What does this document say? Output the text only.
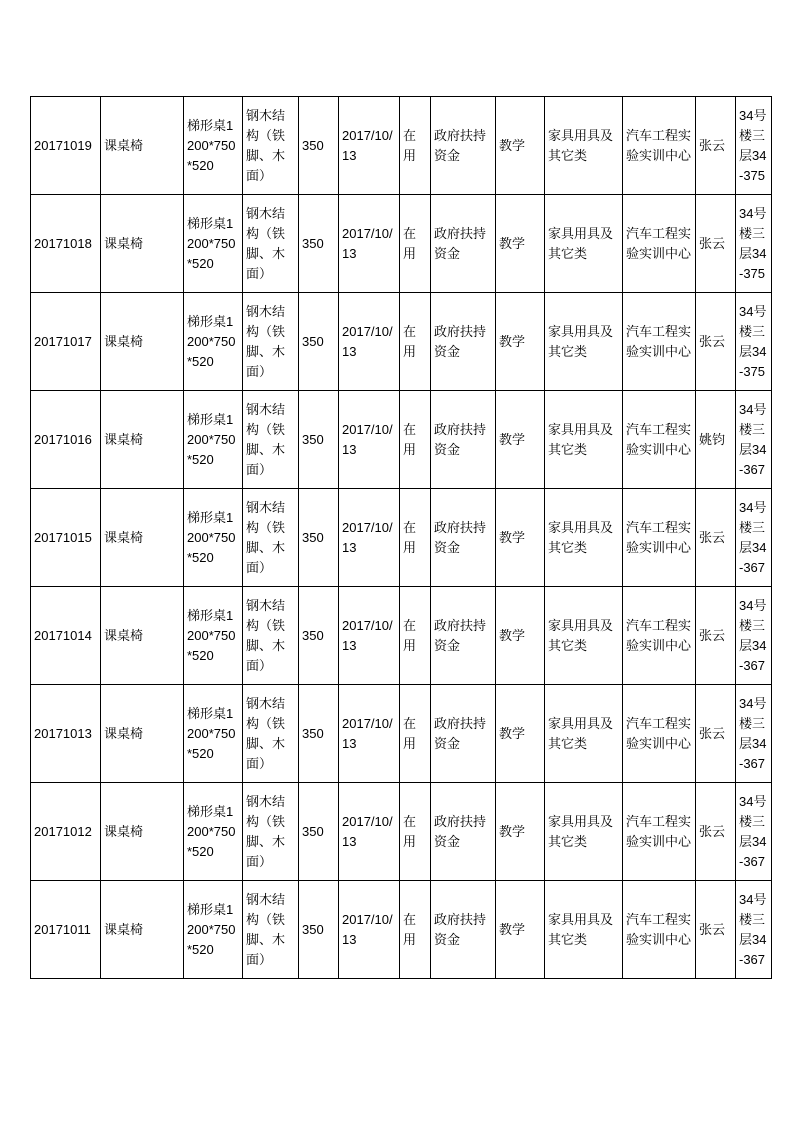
20171019	课桌椅	梯形桌1200*750*520	钢木结构（铁脚、木面）	350	2017/10/13	在用	政府扶持资金	教学	家具用具及其它类	汽车工程实验实训中心	张云	34号楼三层34-375
20171018	课桌椅	梯形桌1200*750*520	钢木结构（铁脚、木面）	350	2017/10/13	在用	政府扶持资金	教学	家具用具及其它类	汽车工程实验实训中心	张云	34号楼三层34-375
20171017	课桌椅	梯形桌1200*750*520	钢木结构（铁脚、木面）	350	2017/10/13	在用	政府扶持资金	教学	家具用具及其它类	汽车工程实验实训中心	张云	34号楼三层34-375
20171016	课桌椅	梯形桌1200*750*520	钢木结构（铁脚、木面）	350	2017/10/13	在用	政府扶持资金	教学	家具用具及其它类	汽车工程实验实训中心	姚钧	34号楼三层34-367
20171015	课桌椅	梯形桌1200*750*520	钢木结构（铁脚、木面）	350	2017/10/13	在用	政府扶持资金	教学	家具用具及其它类	汽车工程实验实训中心	张云	34号楼三层34-367
20171014	课桌椅	梯形桌1200*750*520	钢木结构（铁脚、木面）	350	2017/10/13	在用	政府扶持资金	教学	家具用具及其它类	汽车工程实验实训中心	张云	34号楼三层34-367
20171013	课桌椅	梯形桌1200*750*520	钢木结构（铁脚、木面）	350	2017/10/13	在用	政府扶持资金	教学	家具用具及其它类	汽车工程实验实训中心	张云	34号楼三层34-367
20171012	课桌椅	梯形桌1200*750*520	钢木结构（铁脚、木面）	350	2017/10/13	在用	政府扶持资金	教学	家具用具及其它类	汽车工程实验实训中心	张云	34号楼三层34-367
20171011	课桌椅	梯形桌1200*750*520	钢木结构（铁脚、木面）	350	2017/10/13	在用	政府扶持资金	教学	家具用具及其它类	汽车工程实验实训中心	张云	34号楼三层34-367
